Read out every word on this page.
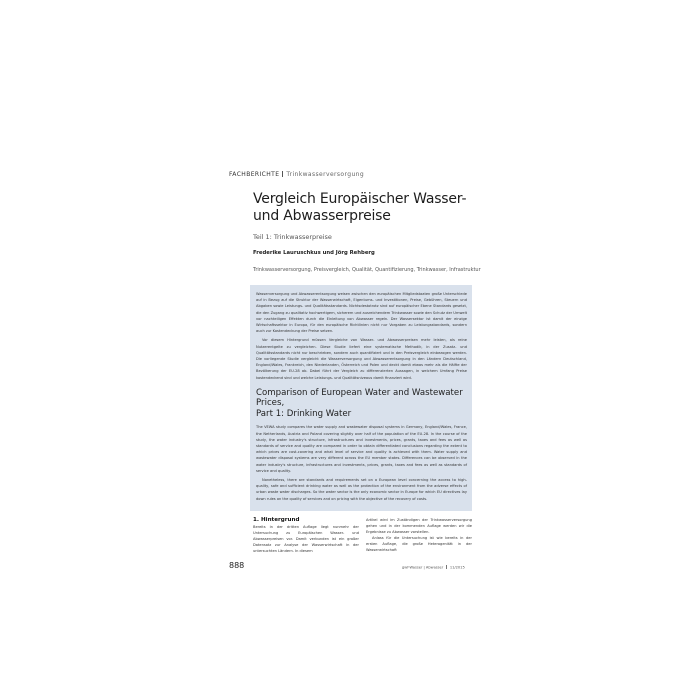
FACHBERICHTE Trinkwasserversorgung
Vergleich Europäischer Wasser-
und Abwasserpreise
Teil 1: Trinkwasserpreise
Frederike Lauruschkus und Jörg Rehberg
Trinkwasserversorgung, Preisvergleich, Qualität, Quantifizierung, Trinkwasser, Infrastruktur

Wasserversorgung und Abwasserentsorgung weisen zwischen den europäischen Mitgliedstaaten große Unterschiede auf in Bezug auf die Struktur der Wasserwirtschaft, Eigentums- und Investitionen, Preise, Gebühren, Steuern und Abgaben sowie Leistungs- und Qualitätsstandards. Nichtsdestotrotz sind auf europäischer Ebene Standards gesetzt, die den Zugang zu qualitativ hochwertigem, sicherem und ausreichendem Trinkwasser sowie den Schutz der Umwelt vor nachteiligen Effekten durch die Einleitung von Abwasser regeln. Der Wassersektor ist damit der einzige Wirtschaftssektor in Europa, für den europäische Richtlinien nicht nur Vorgaben zu Leistungsstandards, sondern auch zur Kostendeckung der Preise setzen.

Vor diesem Hintergrund müssen Vergleiche von Wasser- und Abwasserpreisen mehr leisten, als reine Nutzerentgelte zu vergleichen. Diese Studie liefert eine systematische Methodik, in der Zusatz- und Qualitätsstandards nicht nur beschrieben, sondern auch quantifiziert und in den Preisvergleich einbezogen werden. Die vorliegende Studie vergleicht die Wasserversorgung und Abwasserentsorgung in den Ländern Deutschland, England/Wales, Frankreich, den Niederlanden, Österreich und Polen und deckt damit etwas mehr als die Hälfte der Bevölkerung der EU-28 ab. Dabei führt der Vergleich zu differenzierten Aussagen, in welchem Umfang Preise kostendeckend sind und welche Leistungs- und Qualitätsniveaus damit finanziert wird.

Comparison of European Water and Wastewater Prices,
Part 1: Drinking Water

The VEWA study compares the water supply and wastewater disposal systems in Germany, England/Wales, France, the Netherlands, Austria and Poland covering slightly over half of the population of the EU-28. In the course of the study, the water industry's structure, infrastructures and investments, prices, grants, taxes and fees as well as standards of service and quality are compared in order to obtain differentiated conclusions regarding the extent to which prices are cost-covering and what level of service and quality is achieved with them. Water supply and wastewater disposal systems are very different across the EU member states. Differences can be observed in the water industry's structure, infrastructures and investments, prices, grants, taxes and fees as well as standards of service and quality.

Nonetheless, there are standards and requirements set on a European level concerning the access to high-quality, safe and sufficient drinking water as well as the protection of the environment from the adverse effects of urban waste water discharges. So the water sector is the only economic sector in Europe for which EU directives lay down rules on the quality of services and on pricing with the objective of the recovery of costs.

1. Hintergrund

Bereits in der dritten Auflage liegt nunmehr der Untersuchung zu Europäischen Wasser- und Abwasserpreisen vor. Damit verbunden ist ein großer Datensatz zur Analyse der Wasserwirtschaft in der untersuchten Ländern. In diesem

Artikel wird im Zuständigen der Trinkwasserversorgung gehen und in der kommenden Auflage werden wir die Ergebnisse zu Abwasser vorstellen.

Anlass für die Untersuchung ist wie bereits in der ersten Auflage, die große Heterogenität in der Wasserwirtschaft

888	gwf-Wasser | Abwasser 11/2015
